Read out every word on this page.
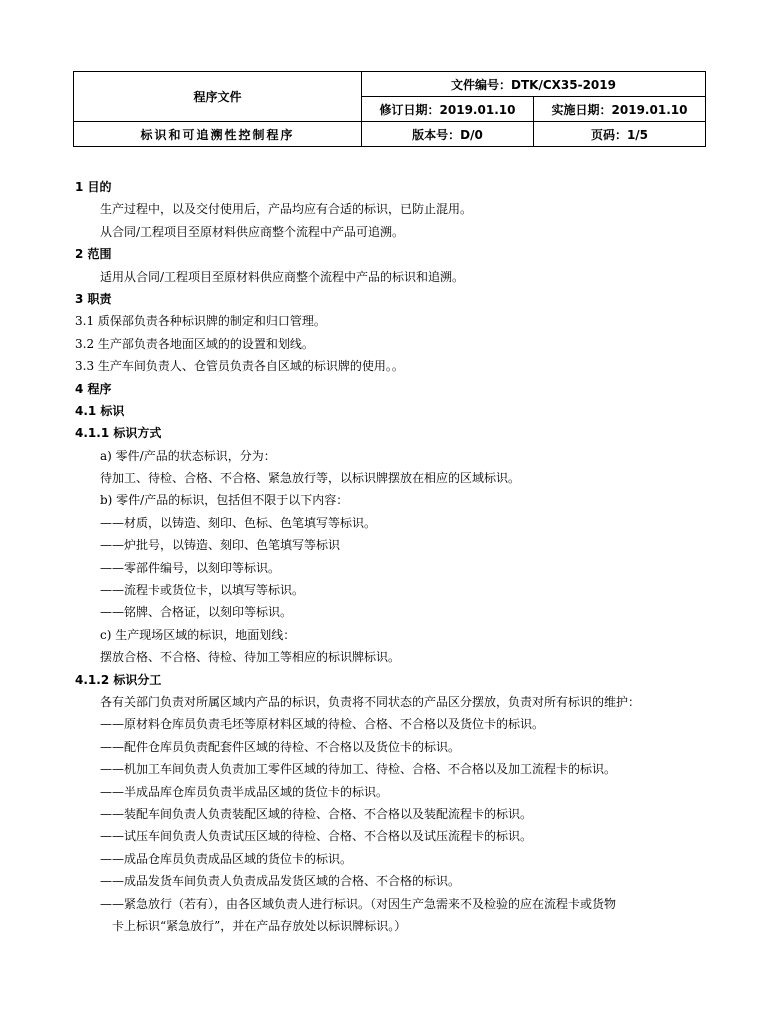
程序文件	文件编号：DTK/CX35-2019	
	修订日期：2019.01.10	实施日期：2019.01.10
标识和可追溯性控制程序	版本号：D/0	页码：1/5
1 目的
生产过程中，以及交付使用后，产品均应有合适的标识，已防止混用。
从合同/工程项目至原材料供应商整个流程中产品可追溯。
2 范围
适用从合同/工程项目至原材料供应商整个流程中产品的标识和追溯。
3 职责
3.1 质保部负责各种标识牌的制定和归口管理。
3.2 生产部负责各地面区域的的设置和划线。
3.3 生产车间负责人、仓管员负责各自区域的标识牌的使用。。
4 程序
4.1 标识
4.1.1 标识方式
a) 零件/产品的状态标识，分为：
待加工、待检、合格、不合格、紧急放行等，以标识牌摆放在相应的区域标识。
b) 零件/产品的标识，包括但不限于以下内容：
——材质，以铸造、刻印、色标、色笔填写等标识。
——炉批号，以铸造、刻印、色笔填写等标识
——零部件编号，以刻印等标识。
——流程卡或货位卡，以填写等标识。
——铭牌、合格证，以刻印等标识。
c) 生产现场区域的标识，地面划线：
摆放合格、不合格、待检、待加工等相应的标识牌标识。
4.1.2 标识分工
各有关部门负责对所属区域内产品的标识，负责将不同状态的产品区分摆放，负责对所有标识的维护：
——原材料仓库员负责毛坯等原材料区域的待检、合格、不合格以及货位卡的标识。
——配件仓库员负责配套件区域的待检、不合格以及货位卡的标识。
——机加工车间负责人负责加工零件区域的待加工、待检、合格、不合格以及加工流程卡的标识。
——半成品库仓库员负责半成品区域的货位卡的标识。
——装配车间负责人负责装配区域的待检、合格、不合格以及装配流程卡的标识。
——试压车间负责人负责试压区域的待检、合格、不合格以及试压流程卡的标识。
——成品仓库员负责成品区域的货位卡的标识。
——成品发货车间负责人负责成品发货区域的合格、不合格的标识。
——紧急放行（若有），由各区域负责人进行标识。（对因生产急需来不及检验的应在流程卡或货物
卡上标识“紧急放行”，并在产品存放处以标识牌标识。）
